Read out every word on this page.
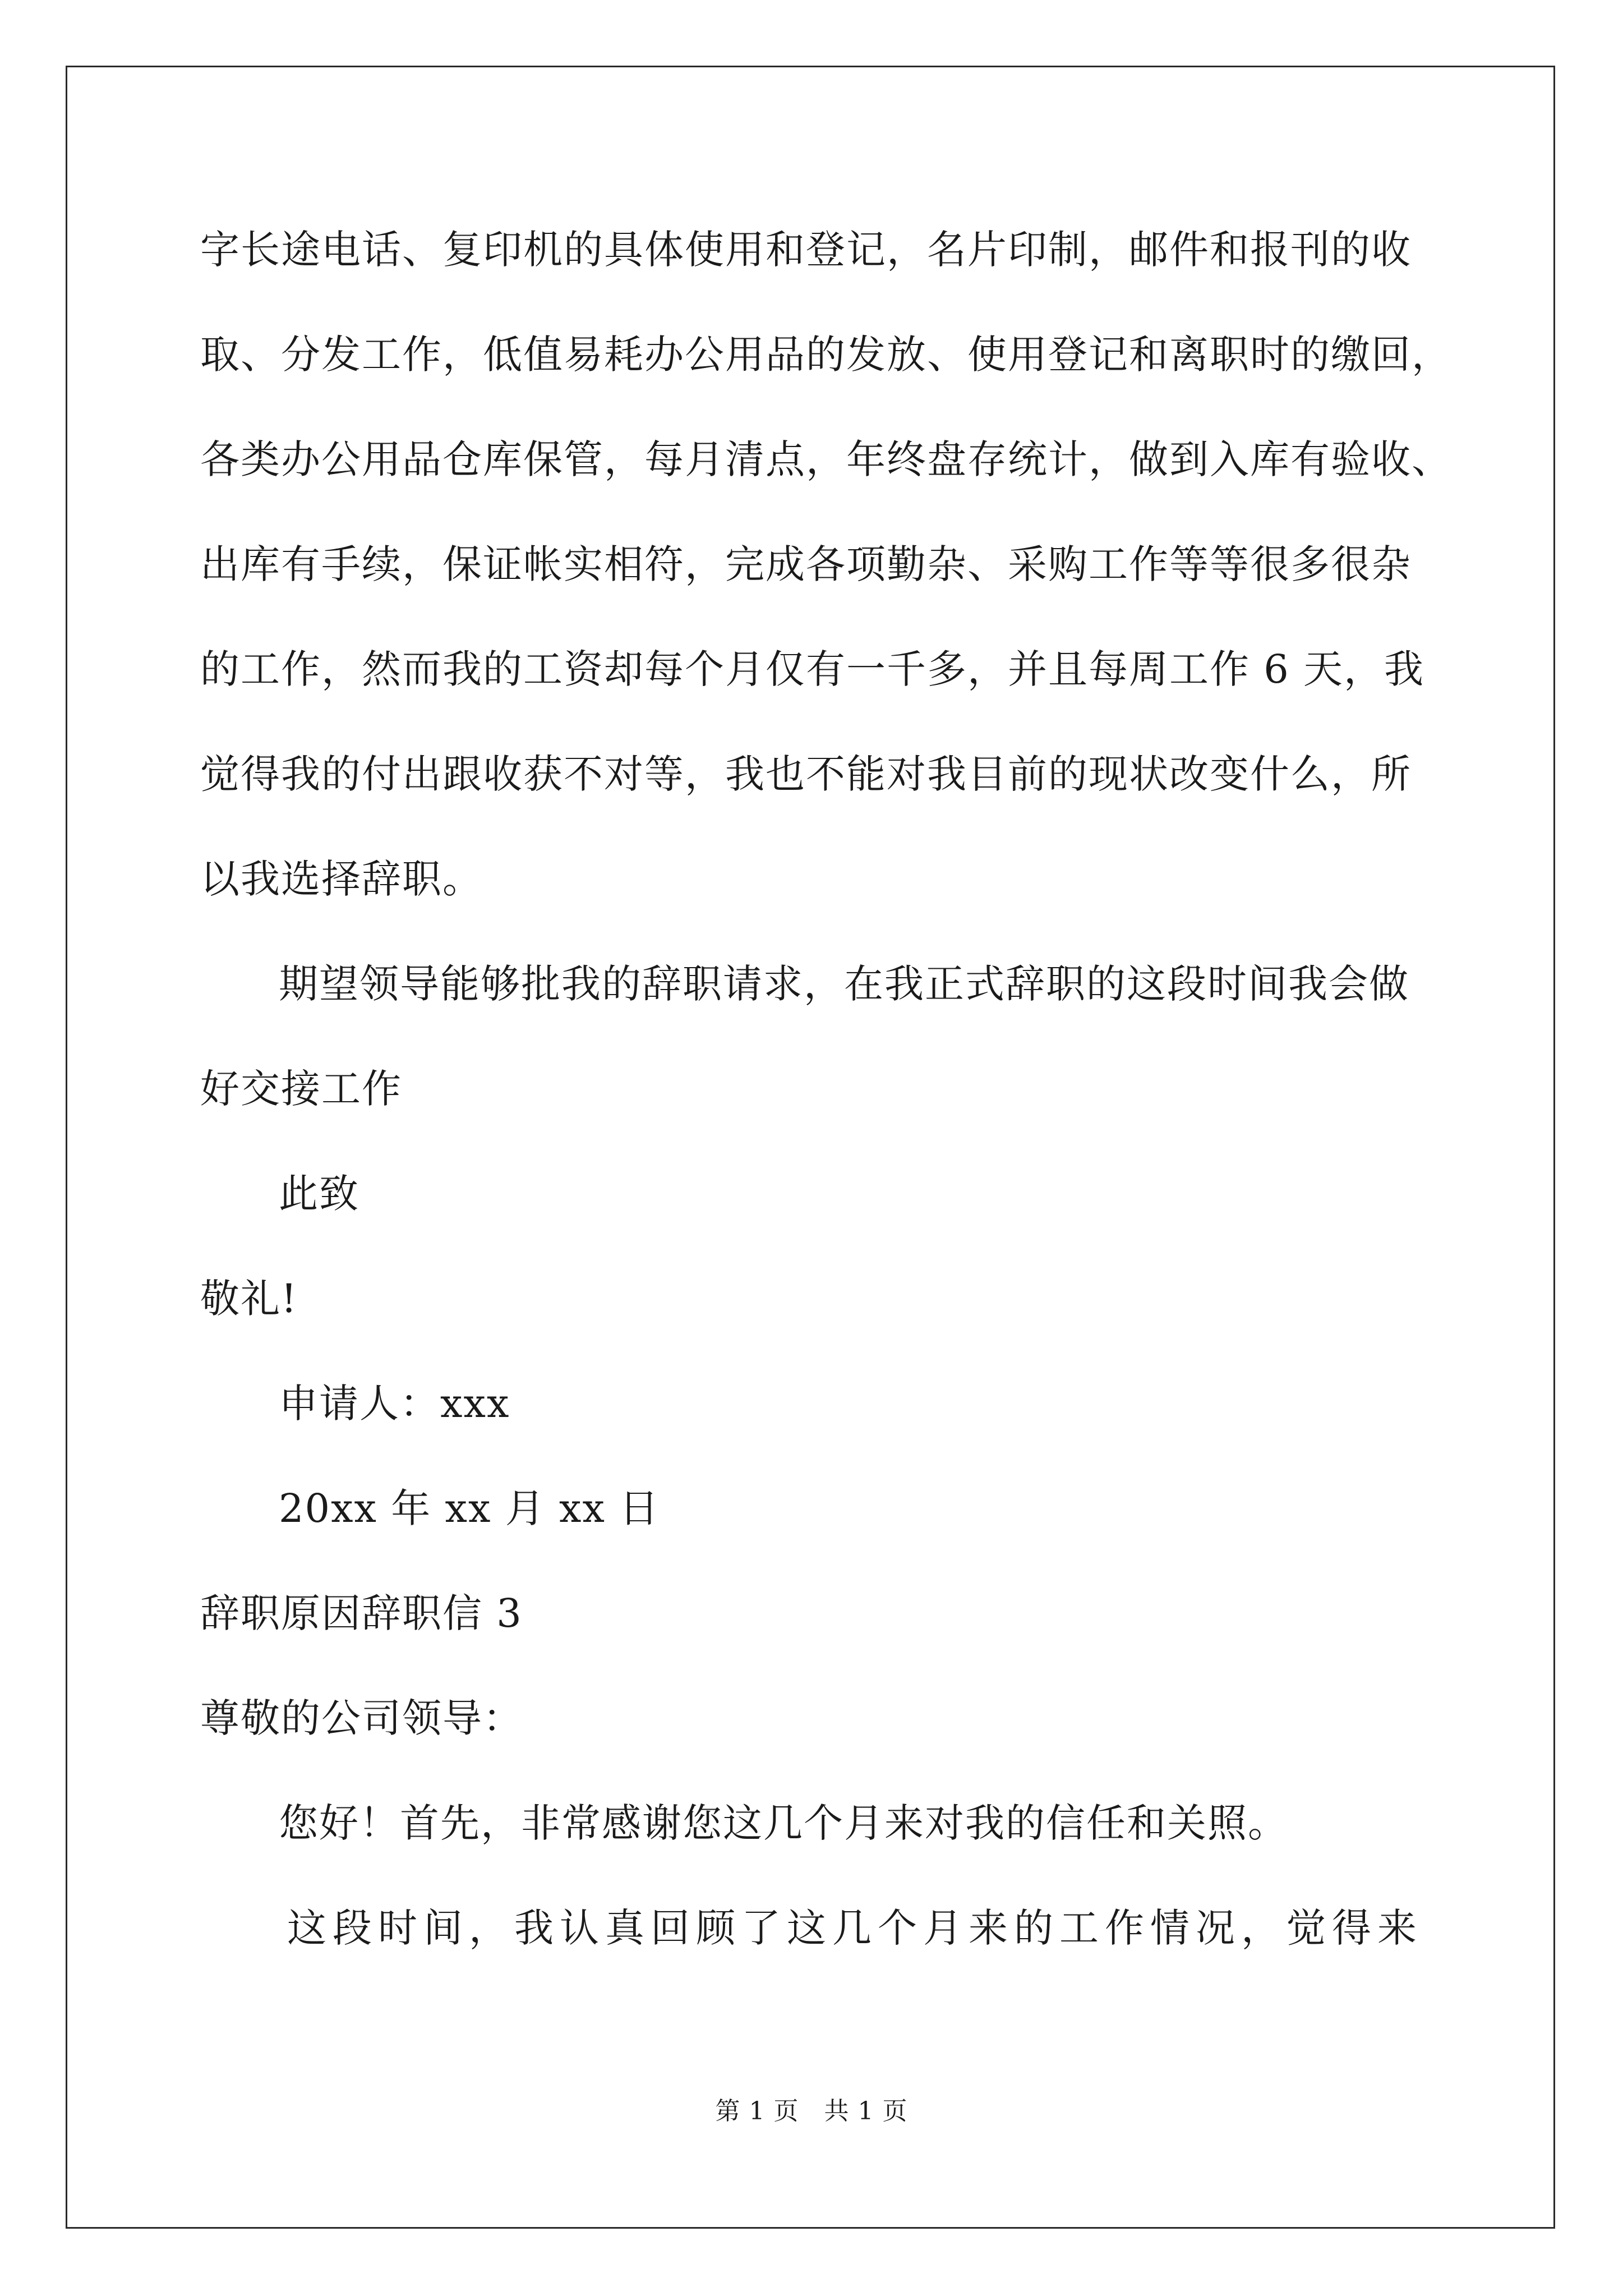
字长途电话、复印机的具体使用和登记，名片印制，邮件和报刊的收
取、分发工作，低值易耗办公用品的发放、使用登记和离职时的缴回，
各类办公用品仓库保管，每月清点，年终盘存统计，做到入库有验收、
出库有手续，保证帐实相符，完成各项勤杂、采购工作等等很多很杂
的工作，然而我的工资却每个月仅有一千多，并且每周工作 6 天，我
觉得我的付出跟收获不对等，我也不能对我目前的现状改变什么，所
以我选择辞职。
期望领导能够批我的辞职请求，在我正式辞职的这段时间我会做
好交接工作
此致
敬礼!
申请人：xxx
20xx 年 xx 月 xx 日
辞职原因辞职信 3
尊敬的公司领导：
您好！首先，非常感谢您这几个月来对我的信任和关照。
这段时间，我认真回顾了这几个月来的工作情况，觉得来
第 1 页　共 1 页
